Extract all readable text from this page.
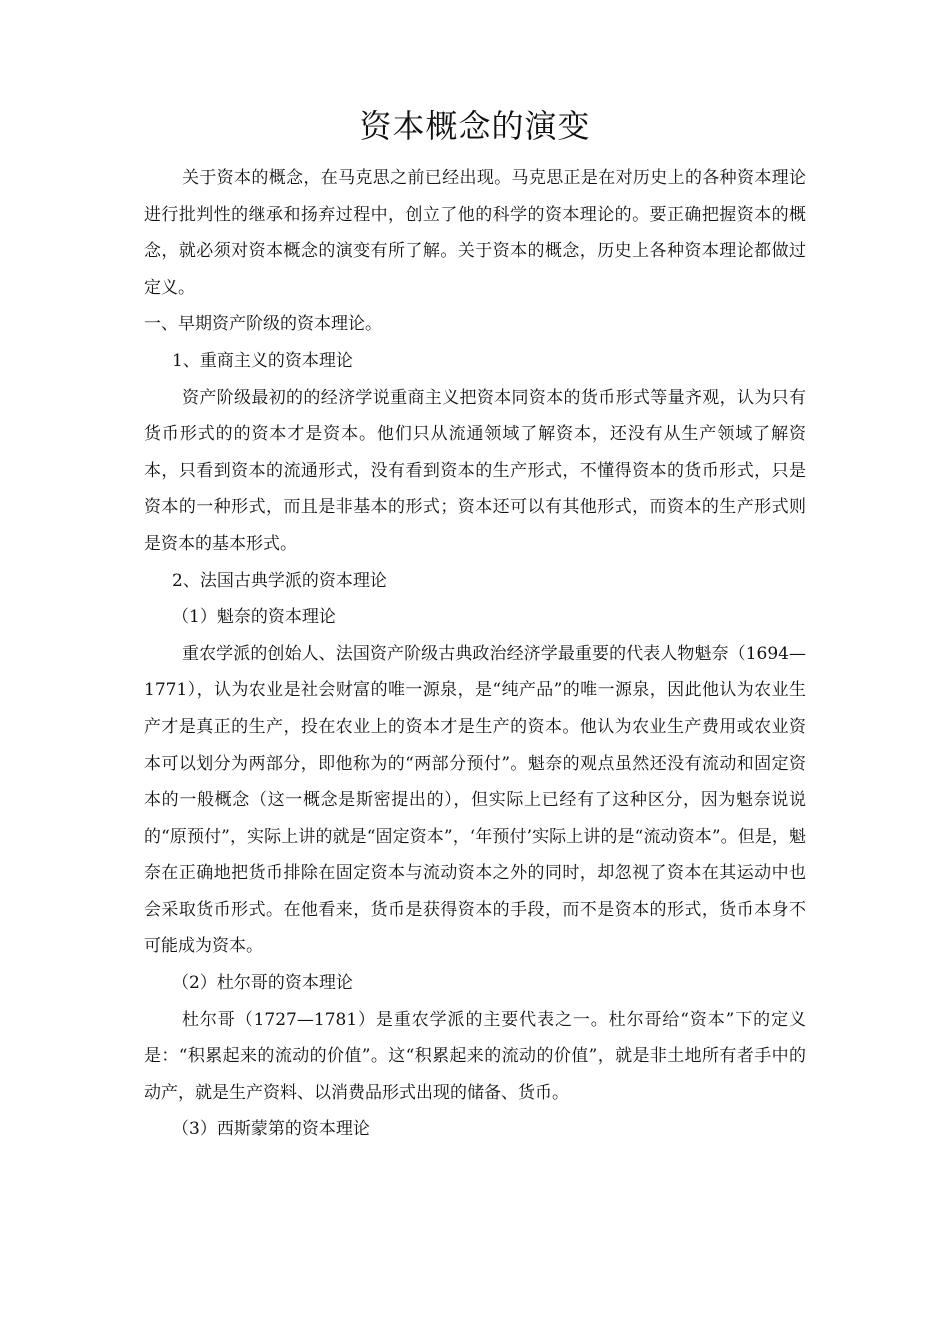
资本概念的演变

关于资本的概念，在马克思之前已经出现。马克思正是在对历史上的各种资本理论进行批判性的继承和扬弃过程中，创立了他的科学的资本理论的。要正确把握资本的概念，就必须对资本概念的演变有所了解。关于资本的概念，历史上各种资本理论都做过定义。

一、早期资产阶级的资本理论。

1、重商主义的资本理论

资产阶级最初的的经济学说重商主义把资本同资本的货币形式等量齐观，认为只有货币形式的的资本才是资本。他们只从流通领域了解资本，还没有从生产领域了解资本，只看到资本的流通形式，没有看到资本的生产形式，不懂得资本的货币形式，只是资本的一种形式，而且是非基本的形式；资本还可以有其他形式，而资本的生产形式则是资本的基本形式。

2、法国古典学派的资本理论

（1）魁奈的资本理论

重农学派的创始人、法国资产阶级古典政治经济学最重要的代表人物魁奈（1694—1771），认为农业是社会财富的唯一源泉，是“纯产品”的唯一源泉，因此他认为农业生产才是真正的生产，投在农业上的资本才是生产的资本。他认为农业生产费用或农业资本可以划分为两部分，即他称为的“两部分预付”。魁奈的观点虽然还没有流动和固定资本的一般概念（这一概念是斯密提出的），但实际上已经有了这种区分，因为魁奈说说的“原预付”，实际上讲的就是“固定资本”，‘年预付’实际上讲的是“流动资本”。但是，魁奈在正确地把货币排除在固定资本与流动资本之外的同时，却忽视了资本在其运动中也会采取货币形式。在他看来，货币是获得资本的手段，而不是资本的形式，货币本身不可能成为资本。

（2）杜尔哥的资本理论

杜尔哥（1727—1781）是重农学派的主要代表之一。杜尔哥给“资本”下的定义是：“积累起来的流动的价值”。这“积累起来的流动的价值”，就是非土地所有者手中的动产，就是生产资料、以消费品形式出现的储备、货币。

（3）西斯蒙第的资本理论
